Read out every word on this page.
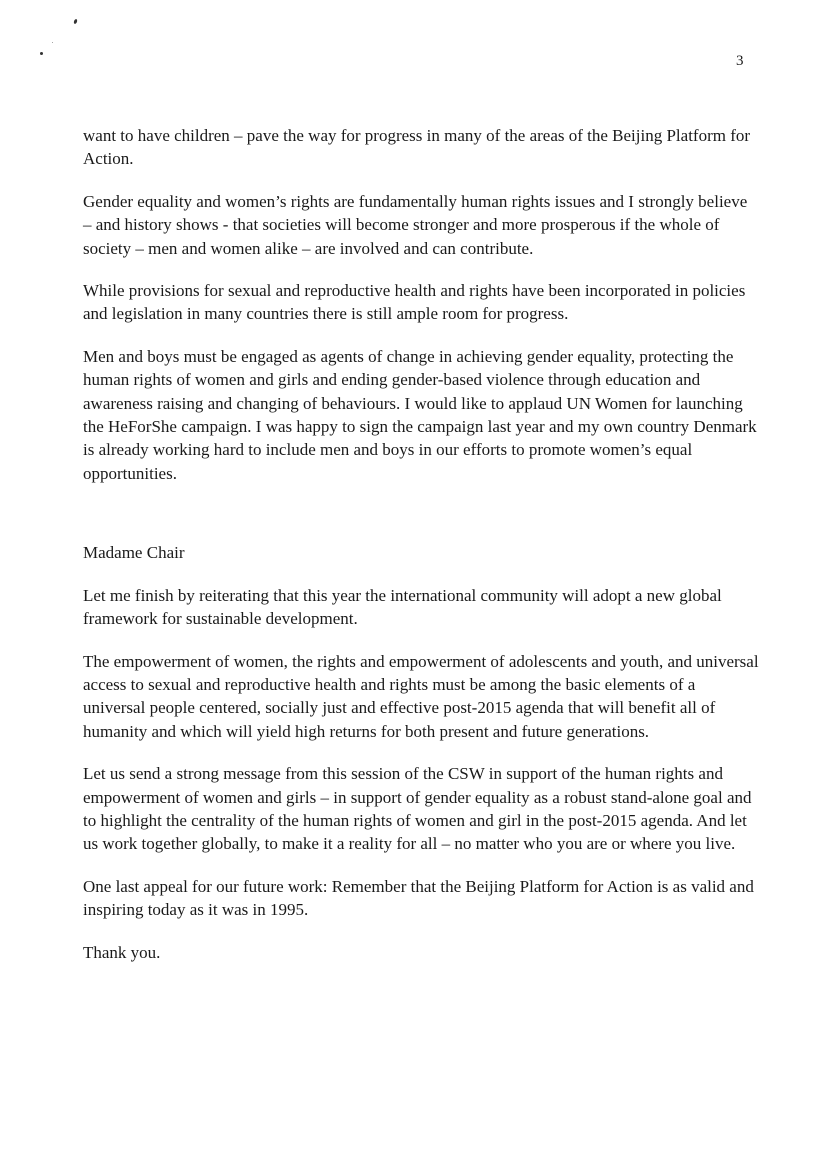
3

want to have children – pave the way for progress in many of the areas of the Beijing Platform for Action.

Gender equality and women’s rights are fundamentally human rights issues and I strongly believe – and history shows - that societies will become stronger and more prosperous if the whole of society – men and women alike – are involved and can contribute.

While provisions for sexual and reproductive health and rights have been incorporated in policies and legislation in many countries there is still ample room for progress.

Men and boys must be engaged as agents of change in achieving gender equality, protecting the human rights of women and girls and ending gender-based violence through education and awareness raising and changing of behaviours. I would like to applaud UN Women for launching the HeForShe campaign. I was happy to sign the campaign last year and my own country Denmark is already working hard to include men and boys in our efforts to promote women’s equal opportunities.

Madame Chair

Let me finish by reiterating that this year the international community will adopt a new global framework for sustainable development.

The empowerment of women, the rights and empowerment of adolescents and youth, and universal access to sexual and reproductive health and rights must be among the basic elements of a universal people centered, socially just and effective post-2015 agenda that will benefit all of humanity and which will yield high returns for both present and future generations.

Let us send a strong message from this session of the CSW in support of the human rights and empowerment of women and girls – in support of gender equality as a robust stand-alone goal and to highlight the centrality of the human rights of women and girl in the post-2015 agenda. And let us work together globally, to make it a reality for all – no matter who you are or where you live.

One last appeal for our future work: Remember that the Beijing Platform for Action is as valid and inspiring today as it was in 1995.

Thank you.
